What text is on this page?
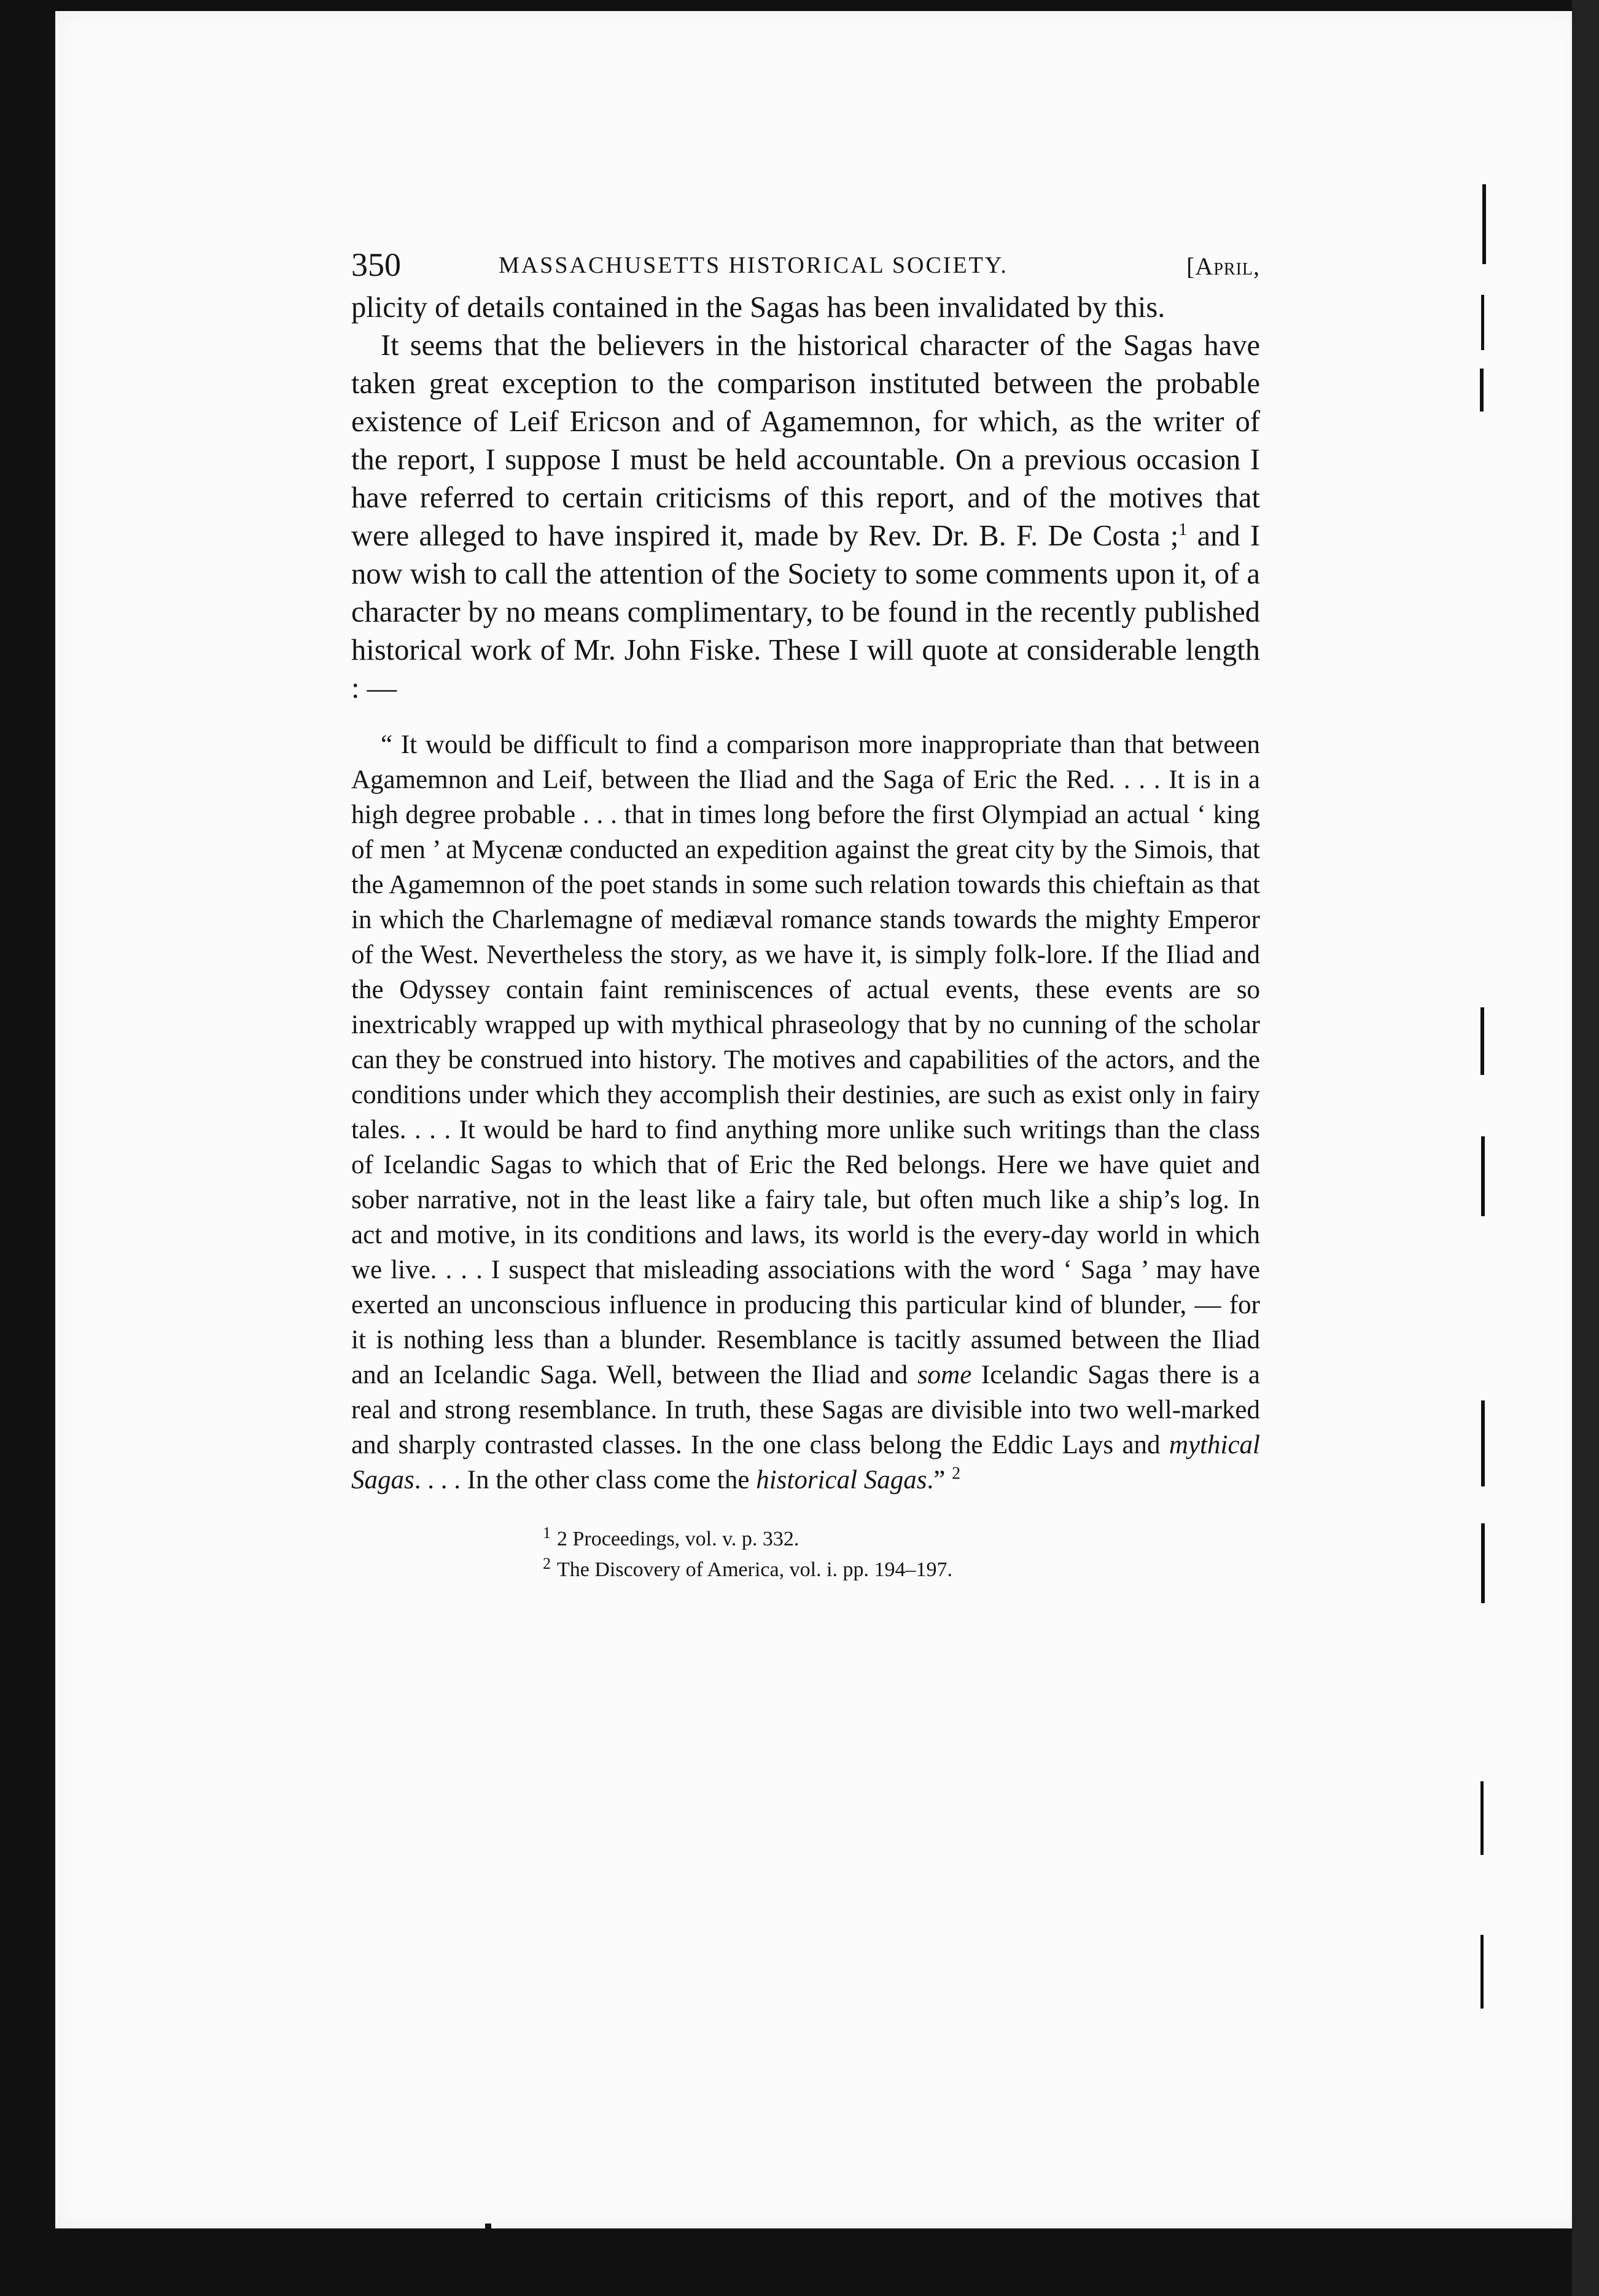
350	MASSACHUSETTS HISTORICAL SOCIETY.	[April,

plicity of details contained in the Sagas has been invalidated by this.

It seems that the believers in the historical character of the Sagas have taken great exception to the comparison instituted between the probable existence of Leif Ericson and of Agamemnon, for which, as the writer of the report, I suppose I must be held accountable. On a previous occasion I have referred to certain criticisms of this report, and of the motives that were alleged to have inspired it, made by Rev. Dr. B. F. De Costa ;$^1$ and I now wish to call the attention of the Society to some comments upon it, of a character by no means complimentary, to be found in the recently published historical work of Mr. John Fiske. These I will quote at considerable length : —

“ It would be difficult to find a comparison more inappropriate than that between Agamemnon and Leif, between the Iliad and the Saga of Eric the Red. . . . It is in a high degree probable . . . that in times long before the first Olympiad an actual ‘ king of men ’ at Mycenæ conducted an expedition against the great city by the Simois, that the Agamemnon of the poet stands in some such relation towards this chieftain as that in which the Charlemagne of mediæval romance stands towards the mighty Emperor of the West. Nevertheless the story, as we have it, is simply folk-lore. If the Iliad and the Odyssey contain faint reminiscences of actual events, these events are so inextricably wrapped up with mythical phraseology that by no cunning of the scholar can they be construed into history. The motives and capabilities of the actors, and the conditions under which they accomplish their destinies, are such as exist only in fairy tales. . . . It would be hard to find anything more unlike such writings than the class of Icelandic Sagas to which that of Eric the Red belongs. Here we have quiet and sober narrative, not in the least like a fairy tale, but often much like a ship’s log. In act and motive, in its conditions and laws, its world is the every-day world in which we live. . . . I suspect that misleading associations with the word ‘ Saga ’ may have exerted an unconscious influence in producing this particular kind of blunder, — for it is nothing less than a blunder. Resemblance is tacitly assumed between the Iliad and an Icelandic Saga. Well, between the Iliad and some Icelandic Sagas there is a real and strong resemblance. In truth, these Sagas are divisible into two well-marked and sharply contrasted classes. In the one class belong the Eddic Lays and mythical Sagas. . . . In the other class come the historical Sagas.” $^2$

$^1$ 2 Proceedings, vol. v. p. 332.
$^2$ The Discovery of America, vol. i. pp. 194–197.
